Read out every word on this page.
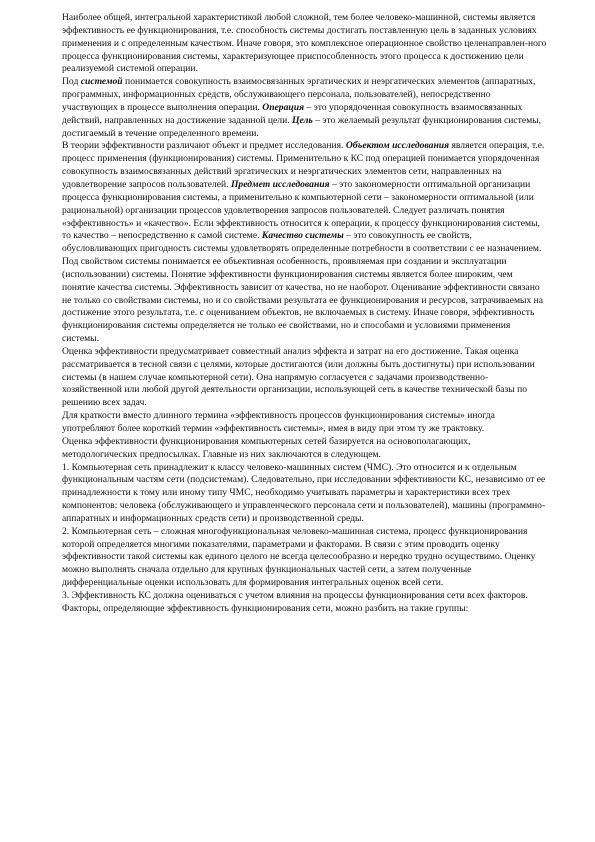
Наиболее общей, интегральной характеристикой любой сложной, тем более человеко-машинной, системы является эффективность ее функционирования, т.е. способность системы достигать поставленную цель в заданных условиях применения и с определенным качеством. Иначе говоря, это комплексное операционное свойство целенаправлен-ного процесса функционирования системы, характеризующее приспособленность этого процесса к достижению цели реализуемой системой операции.

Под системой понимается совокупность взаимосвязанных эргатических и неэргатических элементов (аппаратных, программных, информационных средств, обслуживающего персонала, пользователей), непосредственно участвующих в процессе выполнения операции. Операция – это упорядоченная совокупность взаимосвязанных действий, направленных на достижение заданной цели. Цель – это желаемый результат функционирования системы, достигаемый в течение определенного времени.

В теории эффективности различают объект и предмет исследования. Объектом исследования является операция, т.е. процесс применения (функционирования) системы. Применительно к КС под операцией понимается упорядоченная совокупность взаимосвязанных действий эргатических и неэргатических элементов сети, направленных на удовлетворение запросов пользователей. Предмет исследования – это закономерности оптимальной организации процесса функционирования системы, а применительно к компьютерной сети – закономерности оптимальной (или рациональной) организации процессов удовлетворения запросов пользователей. Следует различать понятия «эффективность» и «качество». Если эффективность относится к операции, к процессу функционирования системы, то качество – непосредственно к самой системе. Качество системы – это совокупность ее свойств, обусловливающих пригодность системы удовлетворять определенные потребности в соответствии с ее назначением. Под свойством системы понимается ее объективная особенность, проявляемая при создании и эксплуатации (использовании) системы. Понятие эффективности функционирования системы является более широким, чем понятие качества системы. Эффективность зависит от качества, но не наоборот. Оценивание эффективности связано не только со свойствами системы, но и со свойствами результата ее функционирования и ресурсов, затрачиваемых на достижение этого результата, т.е. с оцениванием объектов, не включаемых в систему. Иначе говоря, эффективность функционирования системы определяется не только ее свойствами, но и способами и условиями применения системы.

Оценка эффективности предусматривает совместный анализ эффекта и затрат на его достижение. Такая оценка рассматривается в тесной связи с целями, которые достигаются (или должны быть достигнуты) при использовании системы (в нашем случае компьютерной сети). Она напрямую согласуется с задачами производственно-хозяйственной или любой другой деятельности организации, использующей сеть в качестве технической базы по решению всех задач.

Для краткости вместо длинного термина «эффективность процессов функционирования системы» иногда употребляют более короткий термин «эффективность системы», имея в виду при этом ту же трактовку.

Оценка эффективности функционирования компьютерных сетей базируется на основополагающих, методологических предпосылках. Главные из них заключаются в следующем.

1. Компьютерная сеть принадлежит к классу человеко-машинных систем (ЧМС). Это относится и к отдельным функциональным частям сети (подсистемам). Следовательно, при исследовании эффективности КС, независимо от ее принадлежности к тому или иному типу ЧМС, необходимо учитывать параметры и характеристики всех трех компонентов: человека (обслуживающего и управленческого персонала сети и пользователей), машины (программно-аппаратных и информационных средств сети) и производственной среды.

2. Компьютерная сеть – сложная многофункциональная человеко-машинная система, процесс функционирования которой определяется многими показателями, параметрами и факторами. В связи с этим проводить оценку эффективности такой системы как единого целого не всегда целесообразно и нередко трудно осуществимо. Оценку можно выполнять сначала отдельно для крупных функциональных частей сети, а затем полученные дифференциальные оценки использовать для формирования интегральных оценок всей сети.

3. Эффективность КС должна оцениваться с учетом влияния на процессы функционирования сети всех факторов.

Факторы, определяющие эффективность функционирования сети, можно разбить на такие группы:
